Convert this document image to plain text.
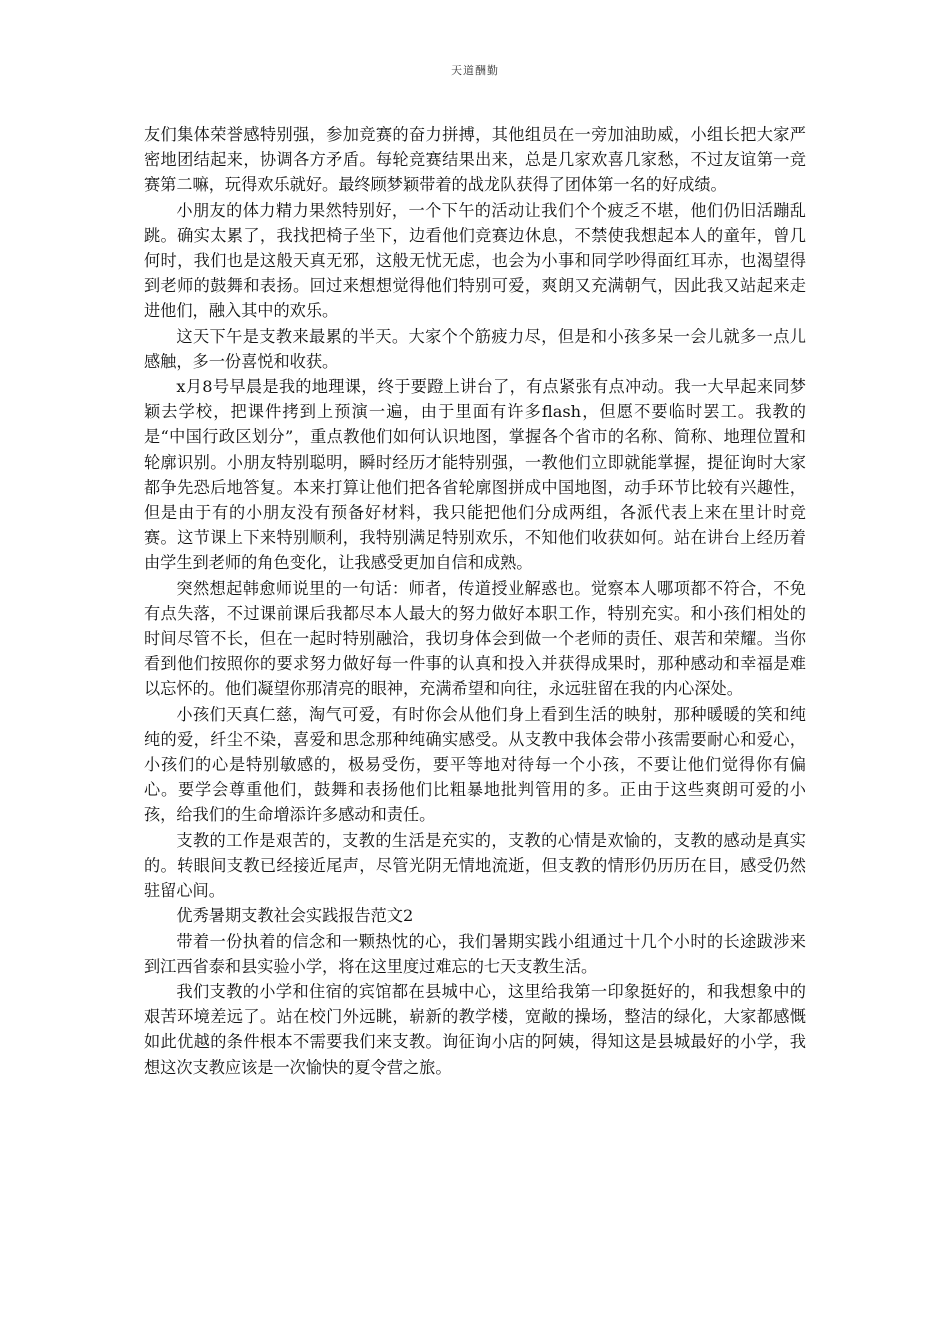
天道酬勤

友们集体荣誉感特别强，参加竞赛的奋力拼搏，其他组员在一旁加油助威，小组长把大家严密地团结起来，协调各方矛盾。每轮竞赛结果出来，总是几家欢喜几家愁，不过友谊第一竞赛第二嘛，玩得欢乐就好。最终顾梦颖带着的战龙队获得了团体第一名的好成绩。

小朋友的体力精力果然特别好，一个下午的活动让我们个个疲乏不堪，他们仍旧活蹦乱跳。确实太累了，我找把椅子坐下，边看他们竞赛边休息，不禁使我想起本人的童年，曾几何时，我们也是这般天真无邪，这般无忧无虑，也会为小事和同学吵得面红耳赤，也渴望得到老师的鼓舞和表扬。回过来想想觉得他们特别可爱，爽朗又充满朝气，因此我又站起来走进他们，融入其中的欢乐。

这天下午是支教来最累的半天。大家个个筋疲力尽，但是和小孩多呆一会儿就多一点儿感触，多一份喜悦和收获。

x月8号早晨是我的地理课，终于要蹬上讲台了，有点紧张有点冲动。我一大早起来同梦颖去学校，把课件拷到上预演一遍，由于里面有许多flash，但愿不要临时罢工。我教的是“中国行政区划分”，重点教他们如何认识地图，掌握各个省市的名称、简称、地理位置和轮廓识别。小朋友特别聪明，瞬时经历才能特别强，一教他们立即就能掌握，提征询时大家都争先恐后地答复。本来打算让他们把各省轮廓图拼成中国地图，动手环节比较有兴趣性，但是由于有的小朋友没有预备好材料，我只能把他们分成两组，各派代表上来在里计时竞赛。这节课上下来特别顺利，我特别满足特别欢乐，不知他们收获如何。站在讲台上经历着由学生到老师的角色变化，让我感受更加自信和成熟。

突然想起韩愈师说里的一句话：师者，传道授业解惑也。觉察本人哪项都不符合，不免有点失落，不过课前课后我都尽本人最大的努力做好本职工作，特别充实。和小孩们相处的时间尽管不长，但在一起时特别融洽，我切身体会到做一个老师的责任、艰苦和荣耀。当你看到他们按照你的要求努力做好每一件事的认真和投入并获得成果时，那种感动和幸福是难以忘怀的。他们凝望你那清亮的眼神，充满希望和向往，永远驻留在我的内心深处。

小孩们天真仁慈，淘气可爱，有时你会从他们身上看到生活的映射，那种暖暖的笑和纯纯的爱，纤尘不染，喜爱和思念那种纯确实感受。从支教中我体会带小孩需要耐心和爱心，小孩们的心是特别敏感的，极易受伤，要平等地对待每一个小孩，不要让他们觉得你有偏心。要学会尊重他们，鼓舞和表扬他们比粗暴地批判管用的多。正由于这些爽朗可爱的小孩，给我们的生命增添许多感动和责任。

支教的工作是艰苦的，支教的生活是充实的，支教的心情是欢愉的，支教的感动是真实的。转眼间支教已经接近尾声，尽管光阴无情地流逝，但支教的情形仍历历在目，感受仍然驻留心间。

优秀暑期支教社会实践报告范文2

带着一份执着的信念和一颗热忱的心，我们暑期实践小组通过十几个小时的长途跋涉来到江西省泰和县实验小学，将在这里度过难忘的七天支教生活。

我们支教的小学和住宿的宾馆都在县城中心，这里给我第一印象挺好的，和我想象中的艰苦环境差远了。站在校门外远眺，崭新的教学楼，宽敞的操场，整洁的绿化，大家都感慨如此优越的条件根本不需要我们来支教。询征询小店的阿姨，得知这是县城最好的小学，我想这次支教应该是一次愉快的夏令营之旅。
